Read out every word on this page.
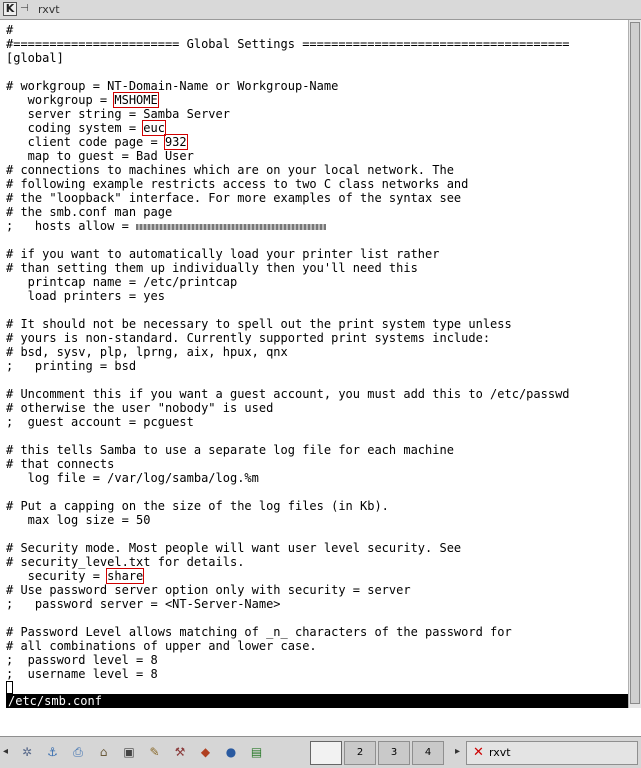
K ⊣ rxvt
;  username level = 8
;  password level = 8
# all combinations of upper and lower case.
# Password Level allows matching of _n_ characters of the password for
;   password server = <NT-Server-Name>
# Use password server option only with security = server
security = share
# security_level.txt for details.
# Security mode. Most people will want user level security. See
max log size = 50
# Put a capping on the size of the log files (in Kb).
log file = /var/log/samba/log.%m
# that connects
# this tells Samba to use a separate log file for each machine
;  guest account = pcguest
# otherwise the user "nobody" is used
# Uncomment this if you want a guest account, you must add this to /etc/passwd
;   printing = bsd
# bsd, sysv, plp, lprng, aix, hpux, qnx
# yours is non-standard. Currently supported print systems include:
# It should not be necessary to spell out the print system type unless
load printers = yes
printcap name = /etc/printcap
# than setting them up individually then you'll need this
# if you want to automatically load your printer list rather
;   hosts allow =
# the smb.conf man page
# the "loopback" interface. For more examples of the syntax see
# following example restricts access to two C class networks and
# connections to machines which are on your local network. The
map to guest = Bad User
client code page = 932
coding system = euc
server string = Samba Server
workgroup = MSHOME
# workgroup = NT-Domain-Name or Workgroup-Name
[global]
#======================= Global Settings =====================================
#
/etc/smb.conf
◂	▸ ✕ rxvt
✲	⚓	⎙	⌂	▣	✎	⚒	◆	●	▤	2	3	4
